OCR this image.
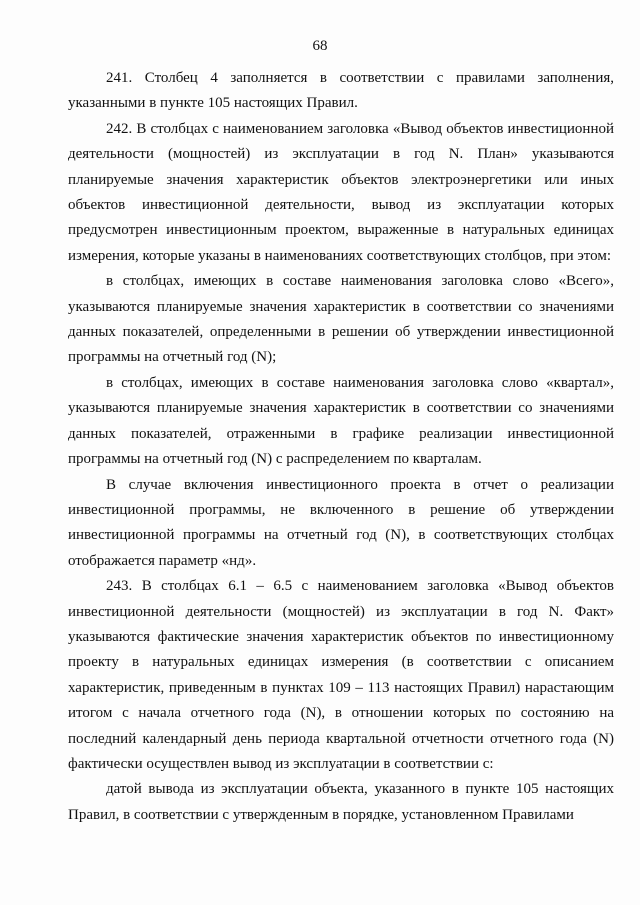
68

241. Столбец 4 заполняется в соответствии с правилами заполнения, указанными в пункте 105 настоящих Правил.

242. В столбцах с наименованием заголовка «Вывод объектов инвестиционной деятельности (мощностей) из эксплуатации в год N. План» указываются планируемые значения характеристик объектов электроэнергетики или иных объектов инвестиционной деятельности, вывод из эксплуатации которых предусмотрен инвестиционным проектом, выраженные в натуральных единицах измерения, которые указаны в наименованиях соответствующих столбцов, при этом:

в столбцах, имеющих в составе наименования заголовка слово «Всего», указываются планируемые значения характеристик в соответствии со значениями данных показателей, определенными в решении об утверждении инвестиционной программы на отчетный год (N);

в столбцах, имеющих в составе наименования заголовка слово «квартал», указываются планируемые значения характеристик в соответствии со значениями данных показателей, отраженными в графике реализации инвестиционной программы на отчетный год (N) с распределением по кварталам.

В случае включения инвестиционного проекта в отчет о реализации инвестиционной программы, не включенного в решение об утверждении инвестиционной программы на отчетный год (N), в соответствующих столбцах отображается параметр «нд».

243. В столбцах 6.1 – 6.5 с наименованием заголовка «Вывод объектов инвестиционной деятельности (мощностей) из эксплуатации в год N. Факт» указываются фактические значения характеристик объектов по инвестиционному проекту в натуральных единицах измерения (в соответствии с описанием характеристик, приведенным в пунктах 109 – 113 настоящих Правил) нарастающим итогом с начала отчетного года (N), в отношении которых по состоянию на последний календарный день периода квартальной отчетности отчетного года (N) фактически осуществлен вывод из эксплуатации в соответствии с:

датой вывода из эксплуатации объекта, указанного в пункте 105 настоящих Правил, в соответствии с утвержденным в порядке, установленном Правилами
